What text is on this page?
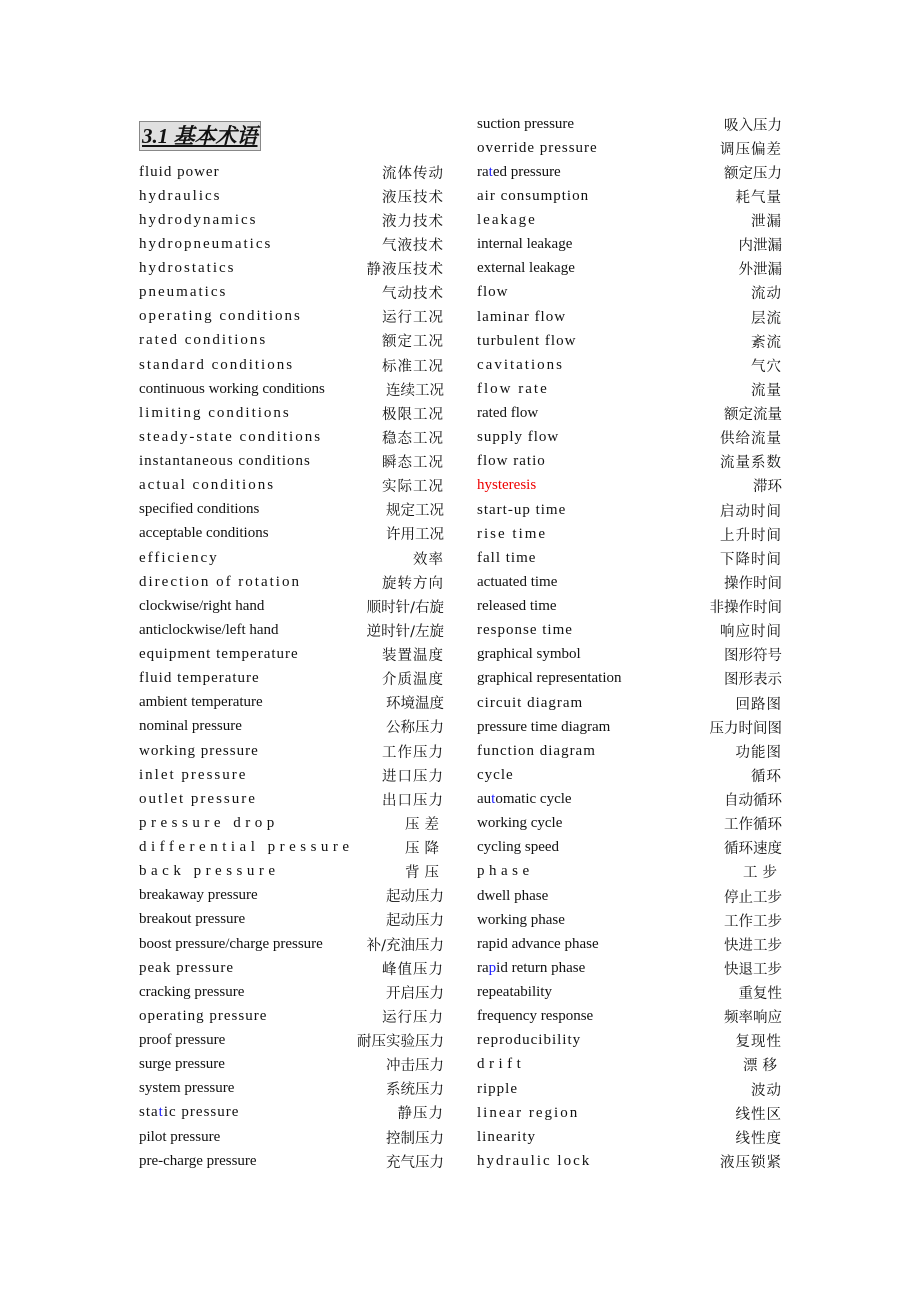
3.1 基本术语
fluid power	流体传动
hydraulics	液压技术
hydrodynamics	液力技术
hydropneumatics	气液技术
hydrostatics	静液压技术
pneumatics	气动技术
operating conditions	运行工况
rated conditions	额定工况
standard conditions	标准工况
continuous working conditions	连续工况
limiting conditions	极限工况
steady-state conditions	稳态工况
instantaneous conditions	瞬态工况
actual conditions	实际工况
specified conditions	规定工况
acceptable conditions	许用工况
efficiency	效率
direction of rotation	旋转方向
clockwise/right hand	顺时针/右旋
anticlockwise/left hand	逆时针/左旋
equipment temperature	装置温度
fluid temperature	介质温度
ambient temperature	环境温度
nominal pressure	公称压力
working pressure	工作压力
inlet pressure	进口压力
outlet pressure	出口压力
pressure drop	压差
differential pressure	压降
back pressure	背压
breakaway pressure	起动压力
breakout pressure	起动压力
boost pressure/charge pressure	补/充油压力
peak pressure	峰值压力
cracking pressure	开启压力
operating pressure	运行压力
proof pressure	耐压实验压力
surge pressure	冲击压力
system pressure	系统压力
static pressure	静压力
pilot pressure	控制压力
pre-charge pressure	充气压力
suction pressure	吸入压力
override pressure	调压偏差
rated pressure	额定压力
air consumption	耗气量
leakage	泄漏
internal leakage	内泄漏
external leakage	外泄漏
flow	流动
laminar flow	层流
turbulent flow	紊流
cavitations	气穴
flow rate	流量
rated flow	额定流量
supply flow	供给流量
flow ratio	流量系数
hysteresis	滞环
start-up time	启动时间
rise time	上升时间
fall time	下降时间
actuated time	操作时间
released time	非操作时间
response time	响应时间
graphical symbol	图形符号
graphical representation	图形表示
circuit diagram	回路图
pressure time diagram	压力时间图
function diagram	功能图
cycle	循环
automatic cycle	自动循环
working cycle	工作循环
cycling speed	循环速度
phase	工步
dwell phase	停止工步
working phase	工作工步
rapid advance phase	快进工步
rapid return phase	快退工步
repeatability	重复性
frequency response	频率响应
reproducibility	复现性
drift	漂移
ripple	波动
linear region	线性区
linearity	线性度
hydraulic lock	液压锁紧
